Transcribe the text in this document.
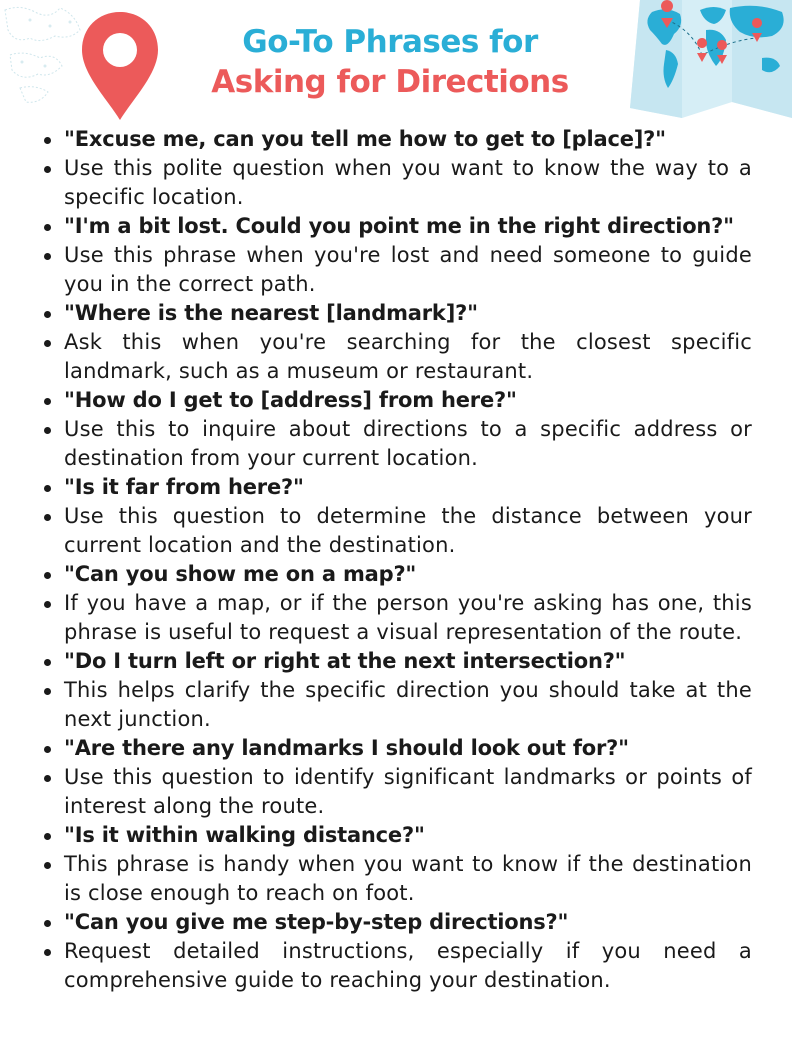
Go-To Phrases for
Asking for Directions
"Excuse me, can you tell me how to get to [place]?"
Use this polite question when you want to know the way to a specific location.
"I'm a bit lost. Could you point me in the right direction?"
Use this phrase when you're lost and need someone to guide you in the correct path.
"Where is the nearest [landmark]?"
Ask this when you're searching for the closest specific landmark, such as a museum or restaurant.
"How do I get to [address] from here?"
Use this to inquire about directions to a specific address or destination from your current location.
"Is it far from here?"
Use this question to determine the distance between your current location and the destination.
"Can you show me on a map?"
If you have a map, or if the person you're asking has one, this phrase is useful to request a visual representation of the route.
"Do I turn left or right at the next intersection?"
This helps clarify the specific direction you should take at the next junction.
"Are there any landmarks I should look out for?"
Use this question to identify significant landmarks or points of interest along the route.
"Is it within walking distance?"
This phrase is handy when you want to know if the destination is close enough to reach on foot.
"Can you give me step-by-step directions?"
Request detailed instructions, especially if you need a comprehensive guide to reaching your destination.
